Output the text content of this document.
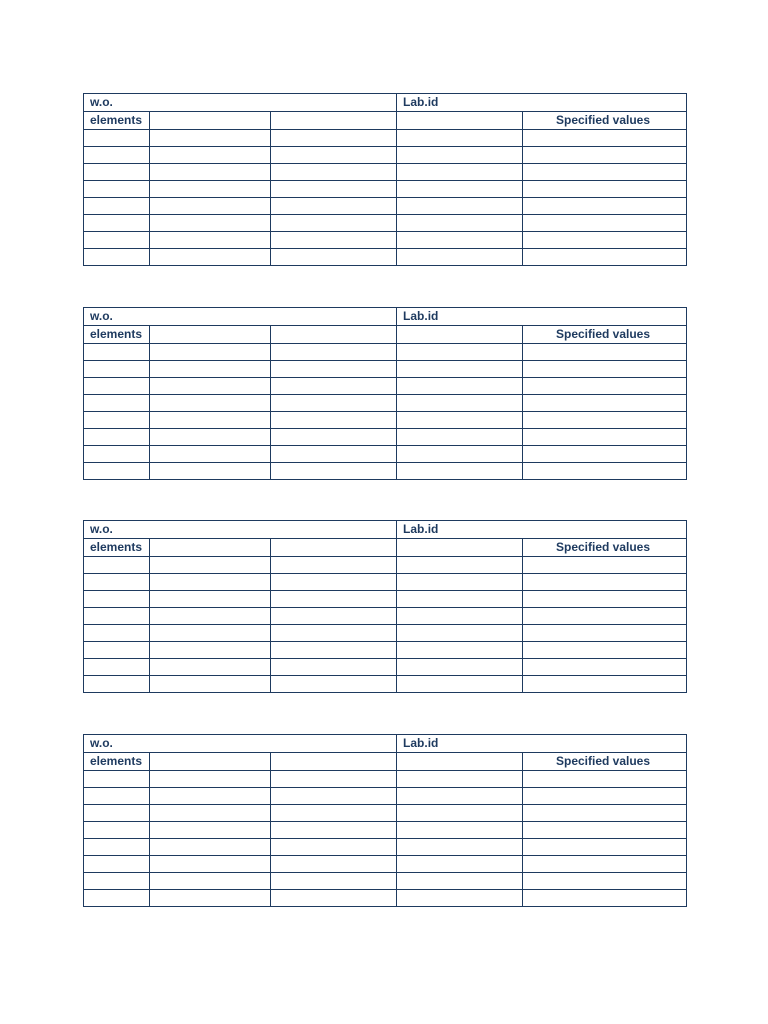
w.o.			Lab.id	
elements				Specified values

w.o.			Lab.id	
elements				Specified values

w.o.			Lab.id	
elements				Specified values

w.o.			Lab.id	
elements				Specified values
